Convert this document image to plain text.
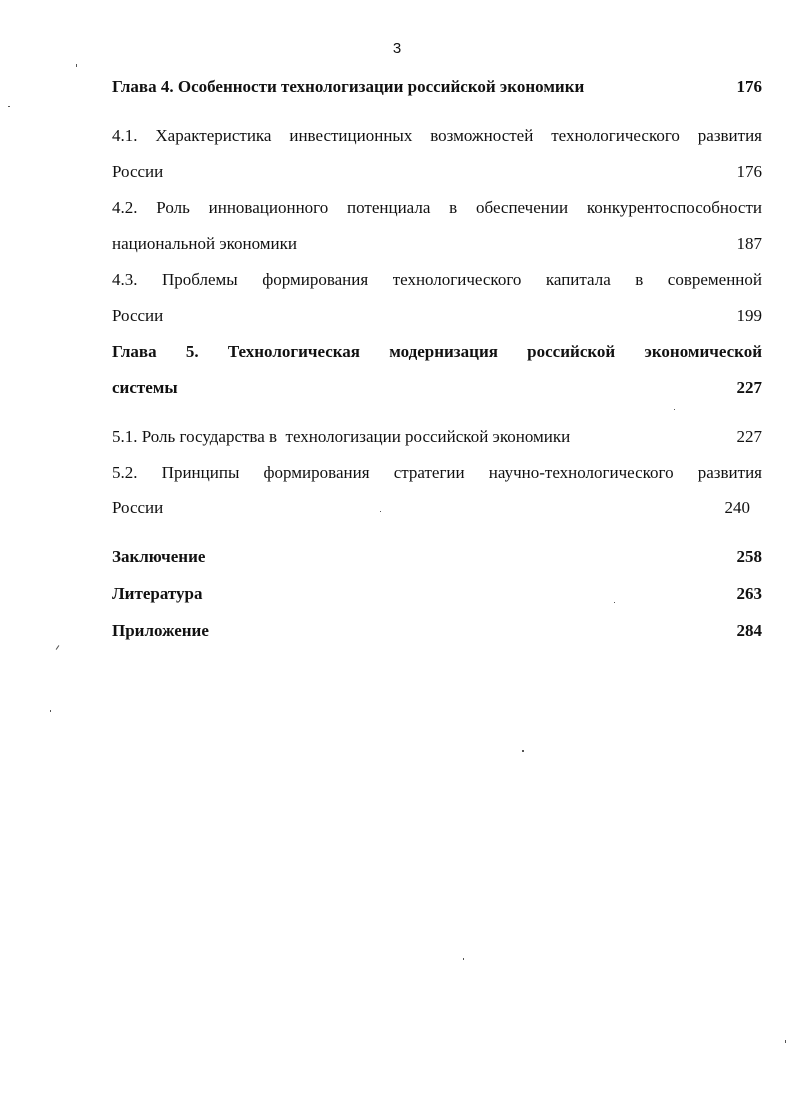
3
Глава 4. Особенности технологизации российской экономики	176
4.1. Характеристика инвестиционных возможностей технологического развития
России	176
4.2. Роль инновационного потенциала в обеспечении конкурентоспособности
национальной экономики	187
4.3. Проблемы формирования технологического капитала в современной
России	199
Глава 5. Технологическая модернизация российской экономической
системы	227
5.1. Роль государства в  технологизации российской экономики	227
5.2. Принципы формирования стратегии научно-технологического развития
России	240
Заключение	258
Литература	263
Приложение	284
